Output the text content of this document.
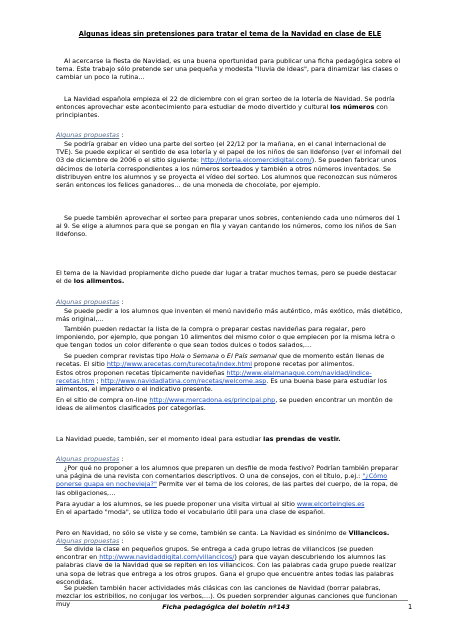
Algunas ideas sin pretensiones para tratar el tema de la Navidad en clase de ELE

Al acercarse la fiesta de Navidad, es una buena oportunidad para publicar una ficha pedagógica sobre el tema. Este trabajo sólo pretende ser una pequeña y modesta "lluvia de ideas", para dinamizar las clases o cambiar un poco la rutina…

La Navidad española empieza el 22 de diciembre con el gran sorteo de la lotería de Navidad. Se podría entonces aprovechar este acontecimiento para estudiar de modo divertido y cultural los números con principiantes.

Algunas propuestas :

Se podría grabar en vídeo una parte del sorteo (el 22/12 por la mañana, en el canal internacional de TVE). Se puede explicar el sentido de esa lotería y el papel de los niños de san Ildefonso (ver el infomail del 03 de diciembre de 2006 o el sitio siguiente: http://loteria.elcomercidigital.com/). Se pueden fabricar unos décimos de lotería correspondientes a los números sorteados y también a otros números inventados. Se distribuyen entre los alumnos y se proyecta el vídeo del sorteo. Los alumnos que reconozcan sus números serán entonces los felices ganadores… de una moneda de chocolate, por ejemplo.

Se puede también aprovechar el sorteo para preparar unos sobres, conteniendo cada uno números del 1 al 9. Se elige a alumnos para que se pongan en fila y vayan cantando los números, como los niños de San Ildefonso.

El tema de la Navidad propiamente dicho puede dar lugar a tratar muchos temas, pero se puede destacar el de los alimentos.

Algunas propuestas :

Se puede pedir a los alumnos que inventen el menú navideño más auténtico, más exótico, más dietético, más original,…

También pueden redactar la lista de la compra o preparar cestas navideñas para regalar, pero imponiendo, por ejemplo, que pongan 10 alimentos del mismo color o que empiecen por la misma letra o que tengan todos un color diferente o que sean todos dulces o todos salados,…

Se pueden comprar revistas tipo Hola o Semana o El País semanal que de momento están llenas de recetas. El sitio http://www.arecetas.com/turecota/index.html propone recetas por alimentos.

Estos otros proponen recetas típicamente navideñas http://www.elalmanaque.com/navidad/indice-recetas.htm ; http://www.navidadlatina.com/recetas/welcome.asp. Es una buena base para estudiar los alimentos, el imperativo o el indicativo presente.

En el sitio de compra on-line http://www.mercadona.es/principal.php, se pueden encontrar un montón de ideas de alimentos clasificados por categorías.

La Navidad puede, también, ser el momento ideal para estudiar las prendas de vestir.

Algunas propuestas :

¿Por qué no proponer a los alumnos que preparen un desfile de moda festivo? Podrían también preparar una página de una revista con comentarios descriptivos. O una de consejos, con el título, p.ej.: "¿Cómo ponerse guapa en nochevieja?" Permite ver el tema de los colores, de las partes del cuerpo, de la ropa, de las obligaciones,…

Para ayudar a los alumnos, se les puede proponer una visita virtual al sitio www.elcorteingles.es

En el apartado "moda", se utiliza todo el vocabulario útil para una clase de español.

Pero en Navidad, no sólo se viste y se come, también se canta. La Navidad es sinónimo de Villancicos.

Algunas propuestas :

Se divide la clase en pequeños grupos. Se entrega a cada grupo letras de villancicos (se pueden encontrar en http://www.navidaddigital.com/villancicos/) para que vayan descubriendo los alumnos las palabras clave de la Navidad que se repiten en los villancicos. Con las palabras cada grupo puede realizar una sopa de letras que entrega a los otros grupos. Gana el grupo que encuentre antes todas las palabras escondidas.

Se pueden también hacer actividades más clásicas con las canciones de Navidad (borrar palabras, mezclar los estribillos, no conjugar los verbos,…). Os pueden sorprender algunas canciones que funcionan muy	Ficha pedagógica del boletín nº143	1
